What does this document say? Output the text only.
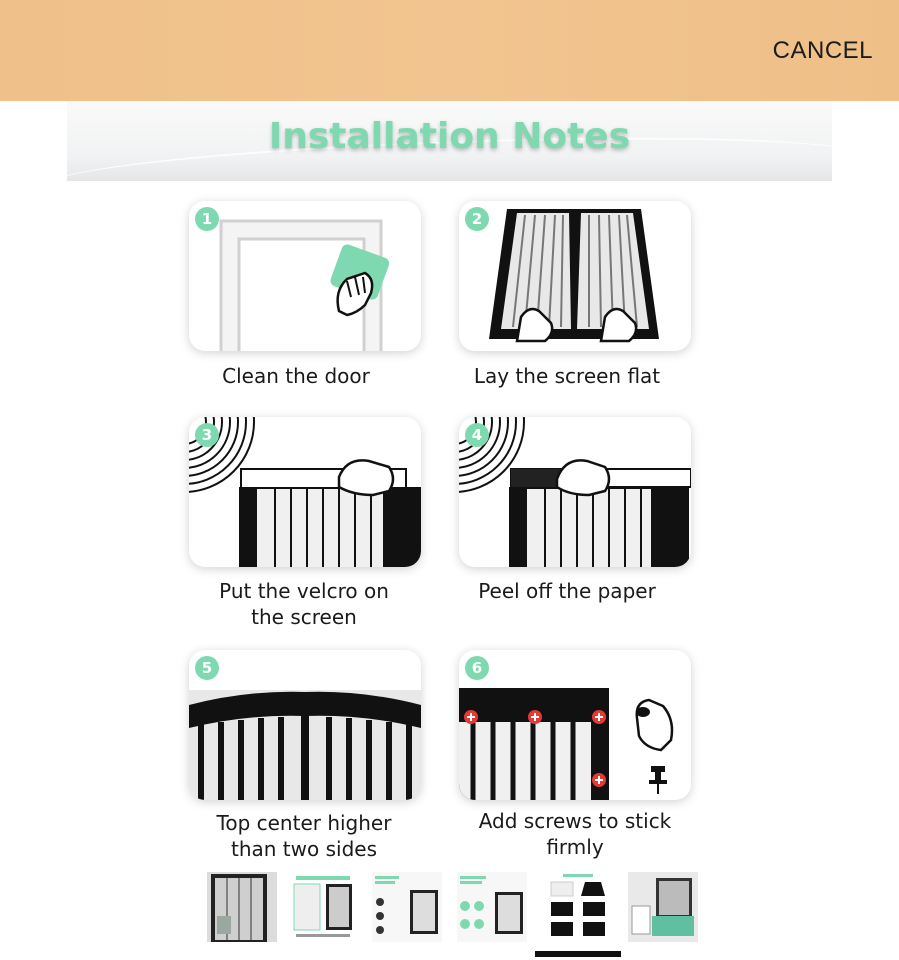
CANCEL
Installation Notes
1
Clean the door
2
Lay the screen flat
3
Put the velcro on
the screen
4
Peel off the paper
5
Top center higher
than two sides
6
Add screws to stick
firmly
